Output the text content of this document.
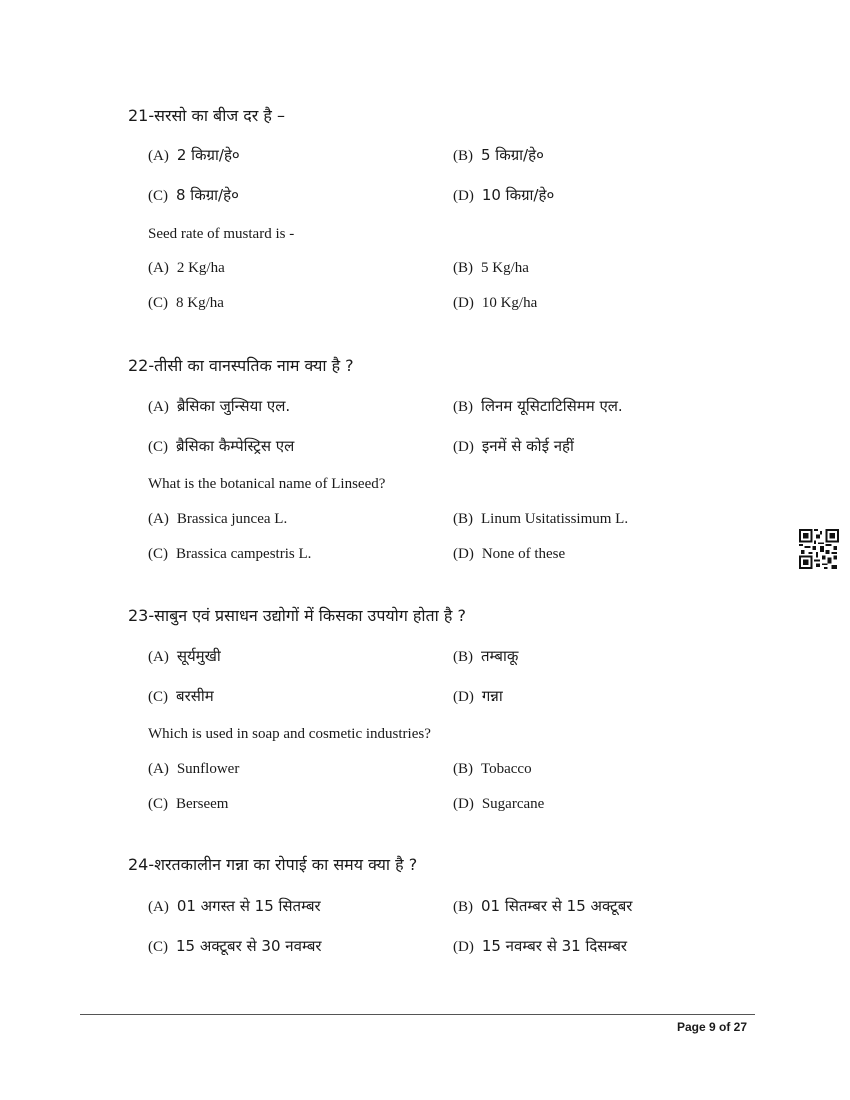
21-सरसो का बीज दर है –
(A) 2 किग्रा/हे०	(B) 5 किग्रा/हे०
(C) 8 किग्रा/हे०	(D) 10 किग्रा/हे०
Seed rate of mustard is -
(A) 2 Kg/ha	(B) 5 Kg/ha
(C) 8 Kg/ha	(D) 10 Kg/ha
22-तीसी का वानस्पतिक नाम क्या है ?
(A) ब्रैसिका जुन्सिया एल.	(B) लिनम यूसिटाटिसिमम एल.
(C) ब्रैसिका कैम्पेस्ट्रिस एल	(D) इनमें से कोई नहीं
What is the botanical name of Linseed?
(A) Brassica juncea L.	(B) Linum Usitatissimum L.
(C) Brassica campestris L.	(D) None of these
23-साबुन एवं प्रसाधन उद्योगों में किसका उपयोग होता है ?
(A) सूर्यमुखी	(B) तम्बाकू
(C) बरसीम	(D) गन्ना
Which is used in soap and cosmetic industries?
(A) Sunflower	(B) Tobacco
(C) Berseem	(D) Sugarcane
24-शरतकालीन गन्ना का रोपाई का समय क्या है ?
(A) 01 अगस्त से 15 सितम्बर	(B) 01 सितम्बर से 15 अक्टूबर
(C) 15 अक्टूबर से 30 नवम्बर	(D) 15 नवम्बर से 31 दिसम्बर
Page 9 of 27
